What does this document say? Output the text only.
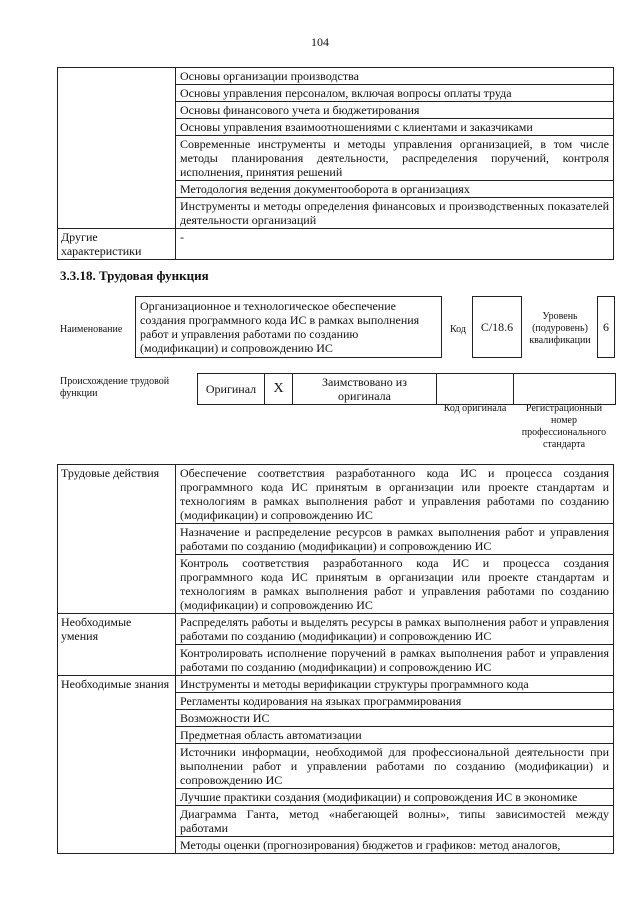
104
	Основы организации производства
	Основы управления персоналом, включая вопросы оплаты труда
	Основы финансового учета и бюджетирования
	Основы управления взаимоотношениями с клиентами и заказчиками
	Современные инструменты и методы управления организацией, в том числе методы планирования деятельности, распределения поручений, контроля исполнения, принятия решений
	Методология ведения документооборота в организациях
	Инструменты и методы определения финансовых и производственных показателей деятельности организаций
Другие характеристики	-
3.3.18. Трудовая функция
Наименование
Организационное и технологическое обеспечение создания программного кода ИС в рамках выполнения работ и управления работами по созданию (модификации) и сопровождению ИС
Код	С/18.6
Уровень (подуровень) квалификации
6
Происхождение трудовой функции	Оригинал	X	Заимствовано из оригинала		
Код оригинала	Регистрационный номер профессионального стандарта
Трудовые действия	Обеспечение соответствия разработанного кода ИС и процесса создания программного кода ИС принятым в организации или проекте стандартам и технологиям в рамках выполнения работ и управления работами по созданию (модификации) и сопровождению ИС
	Назначение и распределение ресурсов в рамках выполнения работ и управления работами по созданию (модификации) и сопровождению ИС
	Контроль соответствия разработанного кода ИС и процесса создания программного кода ИС принятым в организации или проекте стандартам и технологиям в рамках выполнения работ и управления работами по созданию (модификации) и сопровождению ИС
Необходимые умения	Распределять работы и выделять ресурсы в рамках выполнения работ и управления работами по созданию (модификации) и сопровождению ИС
	Контролировать исполнение поручений в рамках выполнения работ и управления работами по созданию (модификации) и сопровождению ИС
Необходимые знания	Инструменты и методы верификации структуры программного кода
	Регламенты кодирования на языках программирования
	Возможности ИС
	Предметная область автоматизации
	Источники информации, необходимой для профессиональной деятельности при выполнении работ и управлении работами по созданию (модификации) и сопровождению ИС
	Лучшие практики создания (модификации) и сопровождения ИС в экономике
	Диаграмма Ганта, метод «набегающей волны», типы зависимостей между работами
	Методы оценки (прогнозирования) бюджетов и графиков: метод аналогов,
